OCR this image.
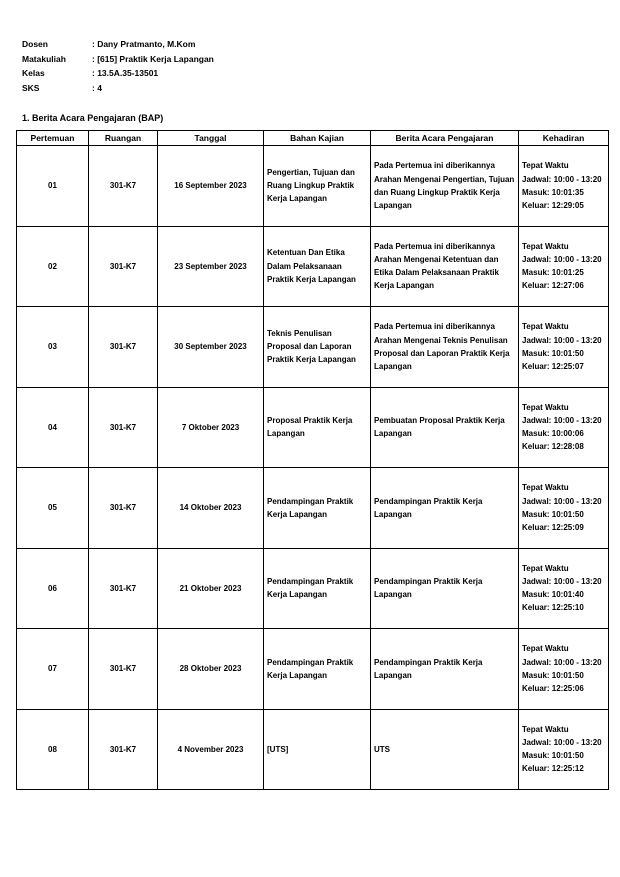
Dosen	: Dany Pratmanto, M.Kom
Matakuliah	: [615] Praktik Kerja Lapangan
Kelas	: 13.5A.35-13501
SKS	: 4
1. Berita Acara Pengajaran (BAP)
Pertemuan	Ruangan	Tanggal	Bahan Kajian	Berita Acara Pengajaran	Kehadiran
01	301-K7	16 September 2023	Pengertian, Tujuan dan Ruang Lingkup Praktik Kerja Lapangan	Pada Pertemua ini diberikannya Arahan Mengenai Pengertian, Tujuan dan Ruang Lingkup Praktik Kerja Lapangan	Tepat Waktu
Jadwal: 10:00 - 13:20 Masuk: 10:01:35 Keluar: 12:29:05
02	301-K7	23 September 2023	Ketentuan Dan Etika Dalam Pelaksanaan Praktik Kerja Lapangan	Pada Pertemua ini diberikannya Arahan Mengenai Ketentuan dan Etika Dalam Pelaksanaan Praktik Kerja Lapangan	Tepat Waktu
Jadwal: 10:00 - 13:20 Masuk: 10:01:25 Keluar: 12:27:06
03	301-K7	30 September 2023	Teknis Penulisan Proposal dan Laporan Praktik Kerja Lapangan	Pada Pertemua ini diberikannya Arahan Mengenai Teknis Penulisan Proposal dan Laporan Praktik Kerja Lapangan	Tepat Waktu
Jadwal: 10:00 - 13:20 Masuk: 10:01:50 Keluar: 12:25:07
04	301-K7	7 Oktober 2023	Proposal Praktik Kerja Lapangan	Pembuatan Proposal Praktik Kerja Lapangan	Tepat Waktu
Jadwal: 10:00 - 13:20 Masuk: 10:00:06 Keluar: 12:28:08
05	301-K7	14 Oktober 2023	Pendampingan Praktik Kerja Lapangan	Pendampingan Praktik Kerja Lapangan	Tepat Waktu
Jadwal: 10:00 - 13:20 Masuk: 10:01:50 Keluar: 12:25:09
06	301-K7	21 Oktober 2023	Pendampingan Praktik Kerja Lapangan	Pendampingan Praktik Kerja Lapangan	Tepat Waktu
Jadwal: 10:00 - 13:20 Masuk: 10:01:40 Keluar: 12:25:10
07	301-K7	28 Oktober 2023	Pendampingan Praktik Kerja Lapangan	Pendampingan Praktik Kerja Lapangan	Tepat Waktu
Jadwal: 10:00 - 13:20 Masuk: 10:01:50 Keluar: 12:25:06
08	301-K7	4 November 2023	[UTS]	UTS	Tepat Waktu
Jadwal: 10:00 - 13:20 Masuk: 10:01:50 Keluar: 12:25:12
